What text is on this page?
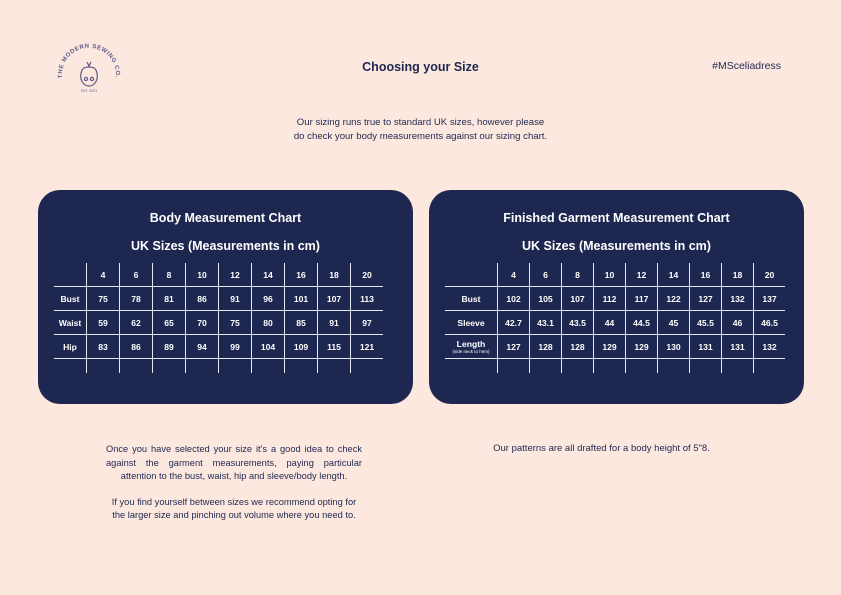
THE MODERN SEWING CO.
EST. 2021
Choosing your Size	#MSceliadress
Our sizing runs true to standard UK sizes, however please
do check your body measurements against our sizing chart.
Body Measurement Chart
UK Sizes (Measurements in cm)
	4	6	8	10	12	14	16	18	20
Bust	75	78	81	86	91	96	101	107	113
Waist	59	62	65	70	75	80	85	91	97
Hip	83	86	89	94	99	104	109	115	121

Finished Garment Measurement Chart
UK Sizes (Measurements in cm)
	4	6	8	10	12	14	16	18	20
Bust	102	105	107	112	117	122	127	132	137
Sleeve	42.7	43.1	43.5	44	44.5	45	45.5	46	46.5

Length
(side neck to hem)	127	128	128	129	129	130	131	131	132

Once you have selected your size it's a good idea to check against the garment measurements, paying particular attention to the bust, waist, hip and sleeve/body length.

If you find yourself between sizes we recommend opting for the larger size and pinching out volume where you need to.

Our patterns are all drafted for a body height of 5"8.
